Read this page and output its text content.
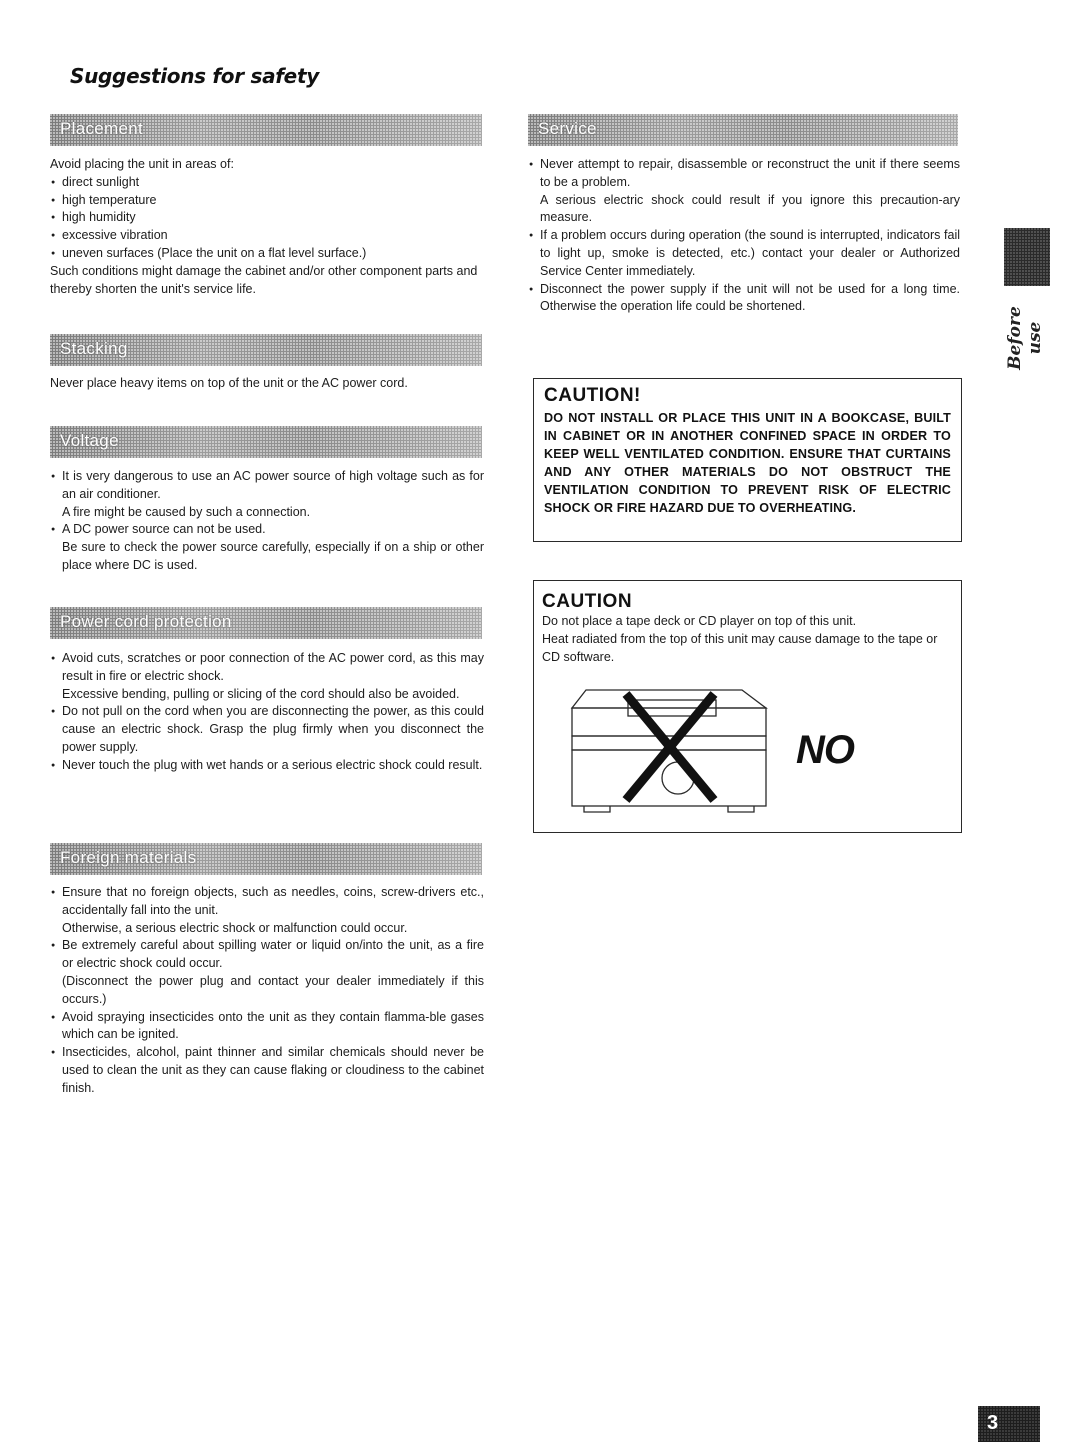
Suggestions for safety
Placement

Avoid placing the unit in areas of:

● direct sunlight

● high temperature

● high humidity

● excessive vibration

● uneven surfaces (Place the unit on a flat level surface.)

Such conditions might damage the cabinet and/or other component parts and thereby shorten the unit's service life.

Stacking

Never place heavy items on top of the unit or the AC power cord.

Voltage

● It is very dangerous to use an AC power source of high voltage such as for an air conditioner.

A fire might be caused by such a connection.

● A DC power source can not be used.

Be sure to check the power source carefully, especially if on a ship or other place where DC is used.

Power cord protection

● Avoid cuts, scratches or poor connection of the AC power cord, as this may result in fire or electric shock.

Excessive bending, pulling or slicing of the cord should also be avoided.

● Do not pull on the cord when you are disconnecting the power, as this could cause an electric shock. Grasp the plug firmly when you disconnect the power supply.

● Never touch the plug with wet hands or a serious electric shock could result.

Foreign materials

● Ensure that no foreign objects, such as needles, coins, screw-drivers etc., accidentally fall into the unit.

Otherwise, a serious electric shock or malfunction could occur.

● Be extremely careful about spilling water or liquid on/into the unit, as a fire or electric shock could occur.

(Disconnect the power plug and contact your dealer immediately if this occurs.)

● Avoid spraying insecticides onto the unit as they contain flamma-ble gases which can be ignited.

● Insecticides, alcohol, paint thinner and similar chemicals should never be used to clean the unit as they can cause flaking or cloudiness to the cabinet finish.

Service

● Never attempt to repair, disassemble or reconstruct the unit if there seems to be a problem.

A serious electric shock could result if you ignore this precaution-ary measure.

● If a problem occurs during operation (the sound is interrupted, indicators fail to light up, smoke is detected, etc.) contact your dealer or Authorized Service Center immediately.

● Disconnect the power supply if the unit will not be used for a long time. Otherwise the operation life could be shortened.

CAUTION!
DO NOT INSTALL OR PLACE THIS UNIT IN A BOOKCASE, BUILT IN CABINET OR IN ANOTHER CONFINED SPACE IN ORDER TO KEEP WELL VENTILATED CONDITION. ENSURE THAT CURTAINS AND ANY OTHER MATERIALS DO NOT OBSTRUCT THE VENTILATION CONDITION TO PREVENT RISK OF ELECTRIC SHOCK OR FIRE HAZARD DUE TO OVERHEATING.
CAUTION

Do not place a tape deck or CD player on top of this unit.

Heat radiated from the top of this unit may cause damage to the tape or CD software.

NO
Before use
3
